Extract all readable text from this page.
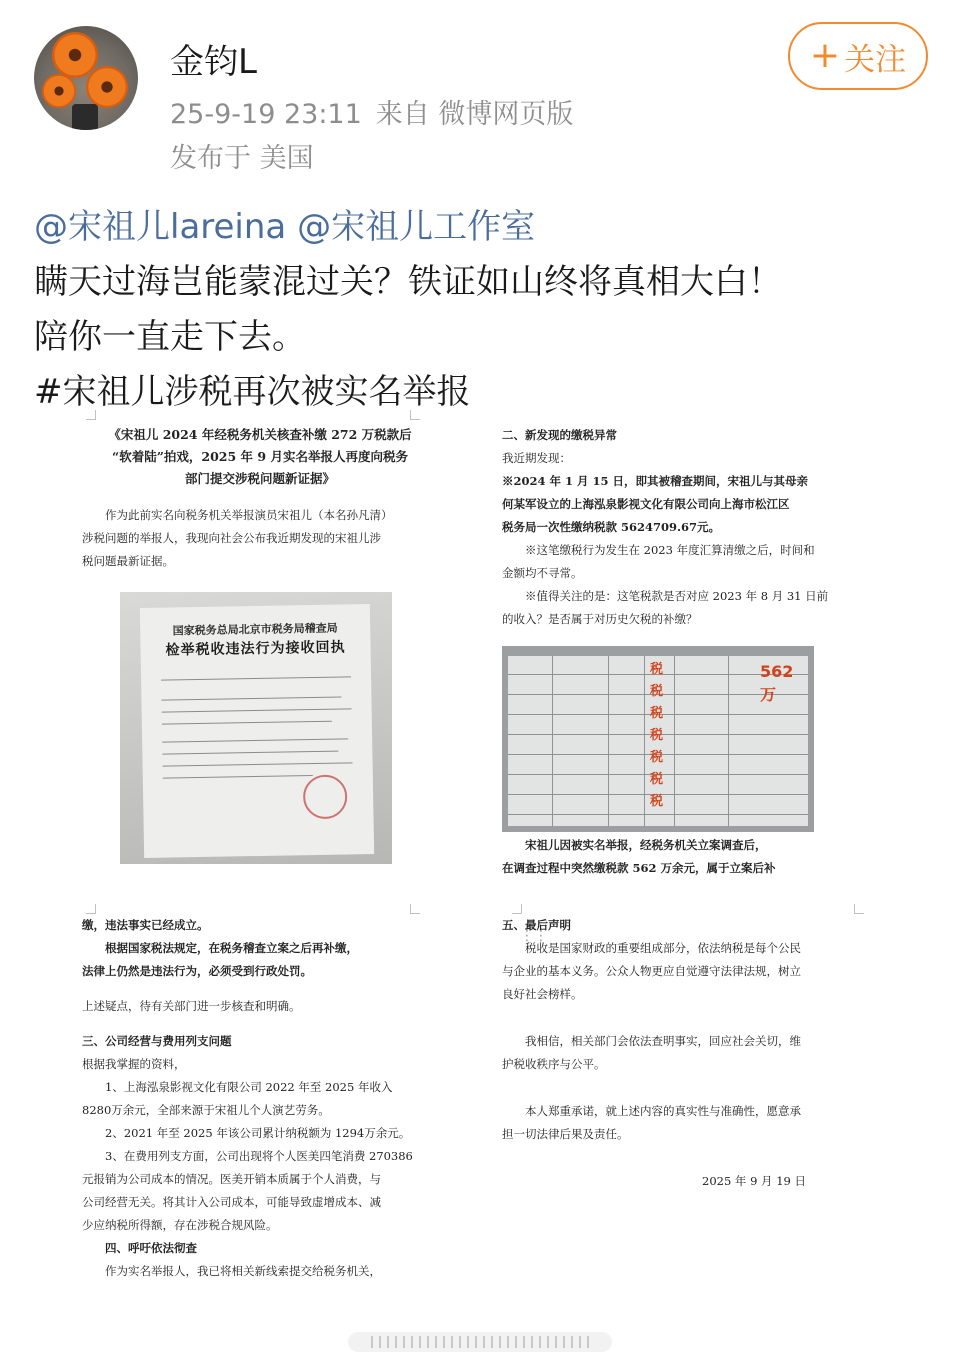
金钧L
25-9-19 23:11 来自 微博网页版
发布于 美国
+ 关注

@宋祖儿lareina @宋祖儿工作室

瞒天过海岂能蒙混过关？铁证如山终将真相大白！

陪你一直走下去。

#宋祖儿涉税再次被实名举报

《宋祖儿 2024 年经税务机关核查补缴 272 万税款后
“软着陆”拍戏，2025 年 9 月实名举报人再度向税务
部门提交涉税问题新证据》
作为此前实名向税务机关举报演员宋祖儿（本名孙凡清）
涉税问题的举报人，我现向社会公布我近期发现的宋祖儿涉
税问题最新证据。
国家税务总局北京市税务局稽查局
检举税收违法行为接收回执
二、新发现的缴税异常
我近期发现：
※2024 年 1 月 15 日，即其被稽查期间，宋祖儿与其母亲
何某军设立的上海泓泉影视文化有限公司向上海市松江区
税务局一次性缴纳税款 5624709.67元。
※这笔缴税行为发生在 2023 年度汇算清缴之后，时间和
金额均不寻常。
※值得关注的是：这笔税款是否对应 2023 年 8 月 31 日前
的收入？是否属于对历史欠税的补缴？
税
税
税
税
税
税
税
562万
宋祖儿因被实名举报，经税务机关立案调查后，
在调查过程中突然缴税款 562 万余元，属于立案后补
缴，违法事实已经成立。
根据国家税法规定，在税务稽查立案之后再补缴，
法律上仍然是违法行为，必须受到行政处罚。
上述疑点，待有关部门进一步核查和明确。
三、公司经营与费用列支问题
根据我掌握的资料，
1、上海泓泉影视文化有限公司 2022 年至 2025 年收入
8280万余元，全部来源于宋祖儿个人演艺劳务。
2、2021 年至 2025 年该公司累计纳税额为 1294万余元。
3、在费用列支方面，公司出现将个人医美四笔消费 270386
元报销为公司成本的情况。医美开销本质属于个人消费，与
公司经营无关。将其计入公司成本，可能导致虚增成本、减
少应纳税所得额，存在涉税合规风险。
四、呼吁依法彻查
作为实名举报人，我已将相关新线索提交给税务机关，
五、最后声明
税收是国家财政的重要组成部分，依法纳税是每个公民
与企业的基本义务。公众人物更应自觉遵守法律法规，树立
良好社会榜样。
我相信，相关部门会依法查明事实，回应社会关切，维
护税收秩序与公平。
本人郑重承诺，就上述内容的真实性与准确性，愿意承
担一切法律后果及责任。
2025 年 9 月 19 日
⋮⋮
